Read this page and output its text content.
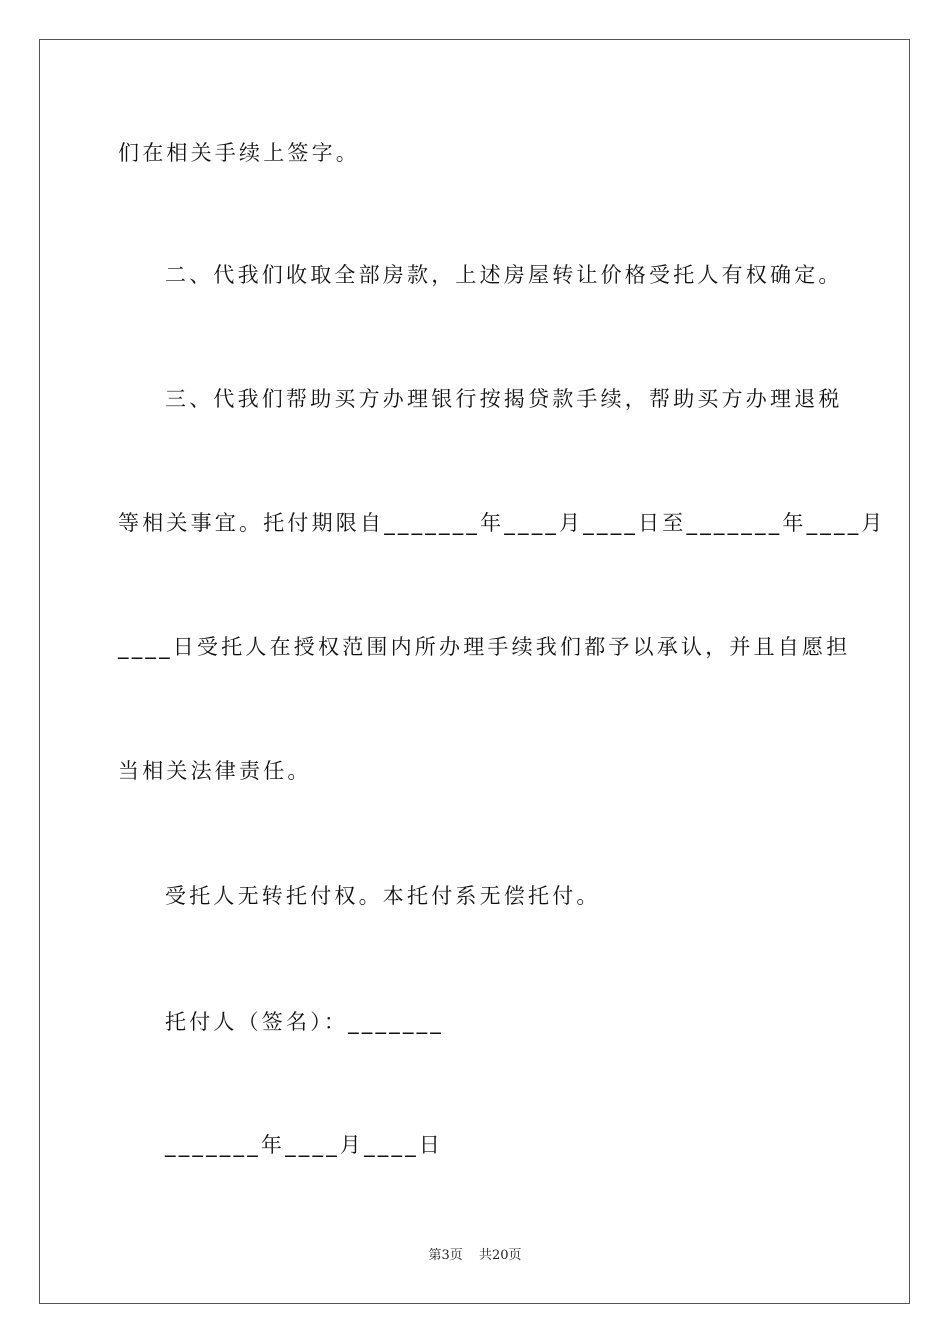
们在相关手续上签字。
二、代我们收取全部房款，上述房屋转让价格受托人有权确定。
三、代我们帮助买方办理银行按揭贷款手续，帮助买方办理退税
等相关事宜。托付期限自_______年____月____日至_______年____月
____日受托人在授权范围内所办理手续我们都予以承认，并且自愿担
当相关法律责任。
受托人无转托付权。本托付系无偿托付。
托付人（签名）：_______
_______年____月____日
第3页 共20页
